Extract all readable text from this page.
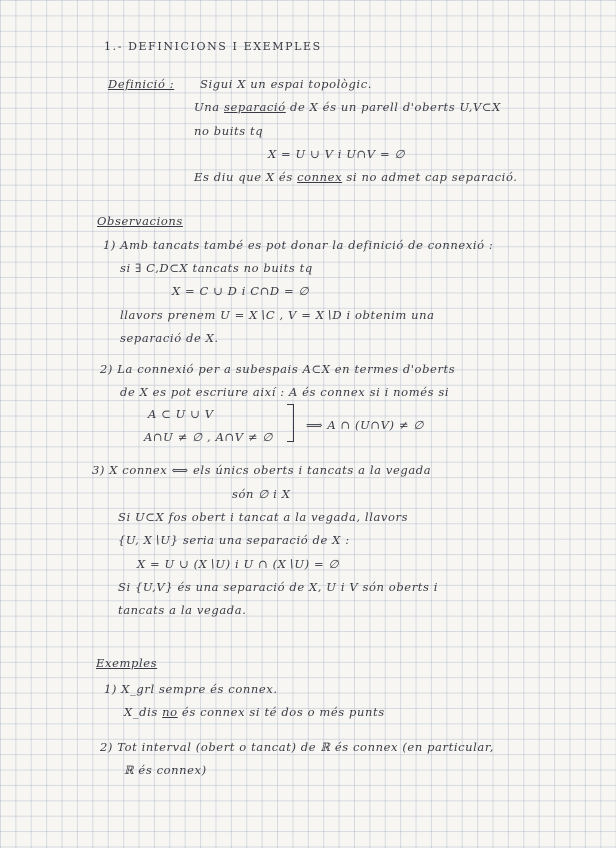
1.- DEFINICIONS I EXEMPLES
Definició : Sigui X un espai topològic.
Una separació de X és un parell d'oberts U,V⊂X
no buits tq
X = U ∪ V i U∩V = ∅
Es diu que X és connex si no admet cap separació.
Observacions
1) Amb tancats també es pot donar la definició de connexió :
si ∃ C,D⊂X tancats no buits tq
X = C ∪ D i C∩D = ∅
llavors prenem U = X∖C , V = X∖D i obtenim una
separació de X.
2) La connexió per a subespais A⊂X en termes d'oberts
de X es pot escriure així : A és connex si i només si
A ⊂ U ∪ V
A∩U ≠ ∅ , A∩V ≠ ∅
⟹ A ∩ (U∩V) ≠ ∅
3) X connex ⟺ els únics oberts i tancats a la vegada
són ∅ i X
Si U⊂X fos obert i tancat a la vegada, llavors
{U, X∖U} seria una separació de X :
X = U ∪ (X∖U) i U ∩ (X∖U) = ∅
Si {U,V} és una separació de X, U i V són oberts i
tancats a la vegada.
Exemples
1) X_grl sempre és connex.
X_dis no és connex si té dos o més punts
2) Tot interval (obert o tancat) de ℝ és connex (en particular,
ℝ és connex)
